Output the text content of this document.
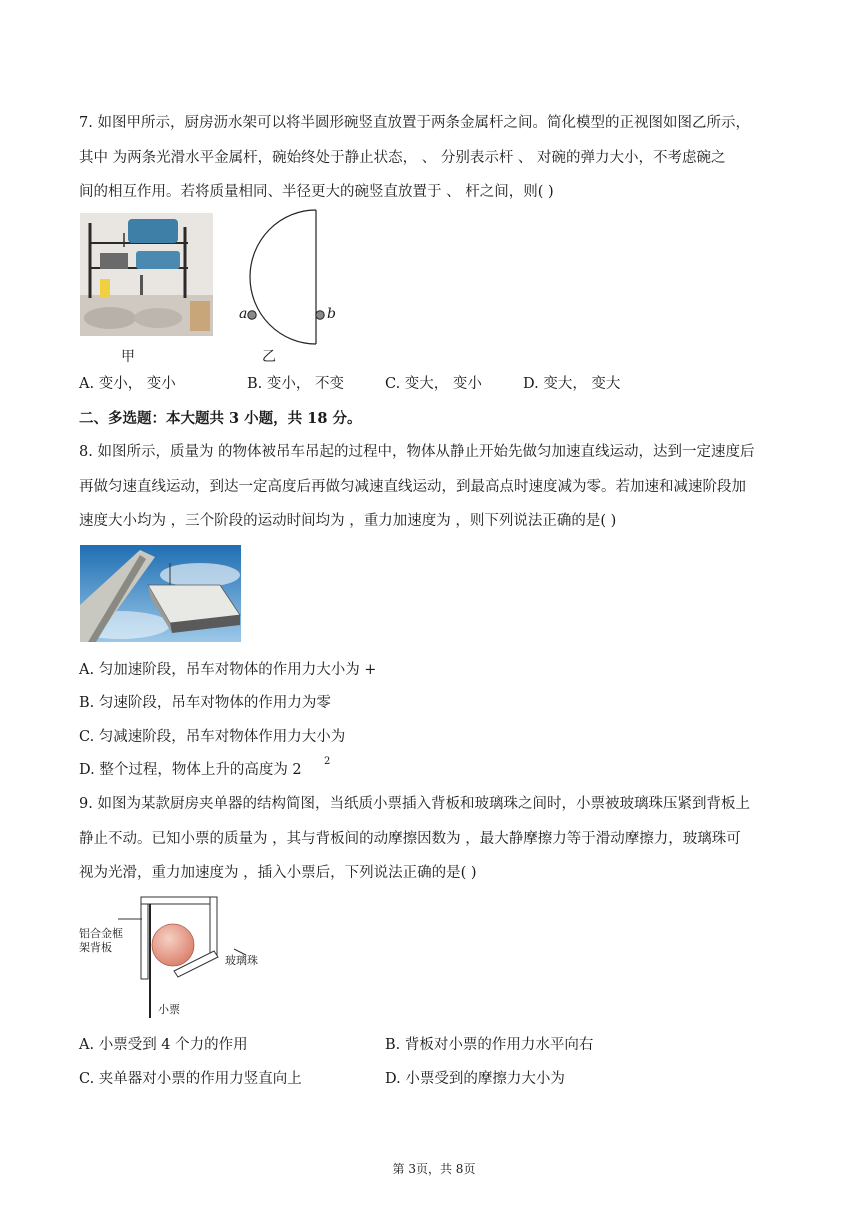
7. 如图甲所示，厨房沥水架可以将半圆形碗竖直放置于两条金属杆之间。简化模型的正视图如图乙所示，
其中 为两条光滑水平金属杆，碗始终处于静止状态， 、 分别表示杆 、 对碗的弹力大小，不考虑碗之
间的相互作用。若将质量相同、半径更大的碗竖直放置于 、 杆之间，则( )
甲
a	b
乙
A. 变小， 变小	B. 变小， 不变	C. 变大， 变小	D. 变大， 变大
二、多选题：本大题共 3 小题，共 18 分。
8. 如图所示，质量为 的物体被吊车吊起的过程中，物体从静止开始先做匀加速直线运动，达到一定速度后
再做匀速直线运动，到达一定高度后再做匀减速直线运动，到最高点时速度减为零。若加速和减速阶段加
速度大小均为 ，三个阶段的运动时间均为 ，重力加速度为 ，则下列说法正确的是( )
A. 匀加速阶段，吊车对物体的作用力大小为 +
B. 匀速阶段，吊车对物体的作用力为零
C. 匀减速阶段，吊车对物体作用力大小为
D. 整个过程，物体上升的高度为 2
2
9. 如图为某款厨房夹单器的结构简图，当纸质小票插入背板和玻璃珠之间时，小票被玻璃珠压紧到背板上
静止不动。已知小票的质量为 ，其与背板间的动摩擦因数为 ，最大静摩擦力等于滑动摩擦力，玻璃珠可
视为光滑，重力加速度为 ，插入小票后，下列说法正确的是( )
铝合金框
架背板
玻璃珠
小票
A. 小票受到 4 个力的作用	B. 背板对小票的作用力水平向右
C. 夹单器对小票的作用力竖直向上	D. 小票受到的摩擦力大小为
第 3页，共 8页
